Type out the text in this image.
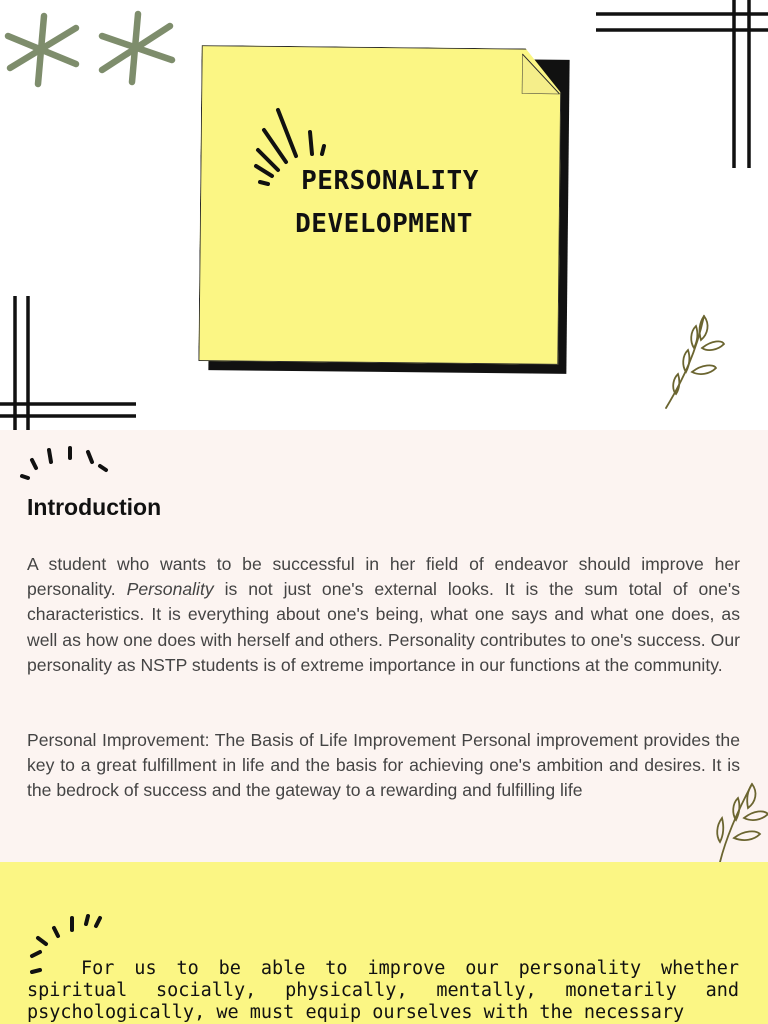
PERSONALITY
DEVELOPMENT
Introduction

A student who wants to be successful in her field of endeavor should improve her personality. Personality is not just one's external looks. It is the sum total of one's characteristics. It is everything about one's being, what one says and what one does, as well as how one does with herself and others. Personality contributes to one's success. Our personality as NSTP students is of extreme importance in our functions at the community.

Personal Improvement: The Basis of Life Improvement Personal improvement provides the key to a great fulfillment in life and the basis for achieving one's ambition and desires. It is the bedrock of success and the gateway to a rewarding and fulfilling life

For us to be able to improve our personality whether spiritual socially, physically, mentally, monetarily and psychologically, we must equip ourselves with the necessary
